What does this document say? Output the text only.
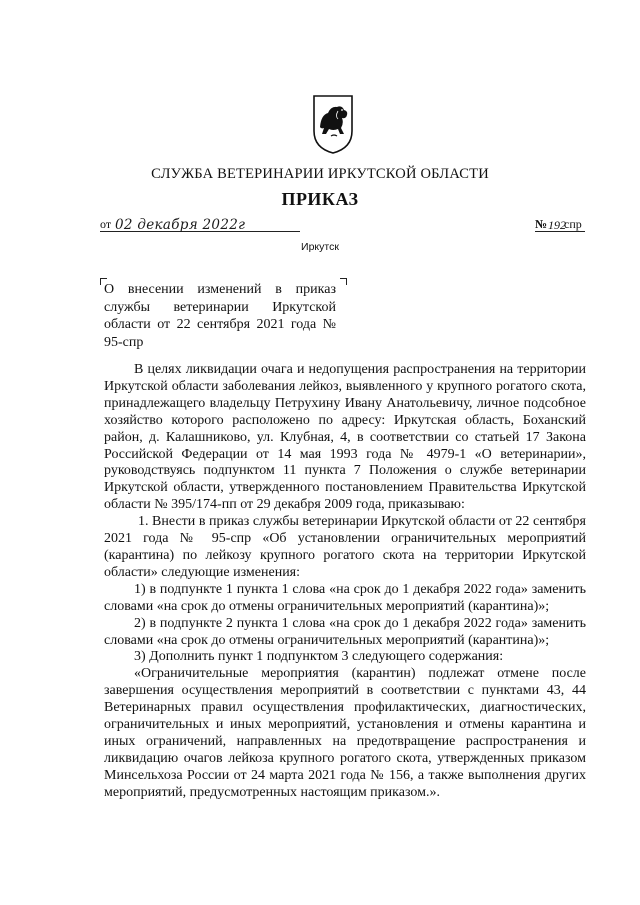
СЛУЖБА ВЕТЕРИНАРИИ ИРКУТСКОЙ ОБЛАСТИ
ПРИКАЗ
от 02 декабря 2022г	№ 192
спр
Иркутск
О внесении изменений в приказ службы ветеринарии Иркутской области от 22 сентября 2021 года № 95-спр

В целях ликвидации очага и недопущения распространения на территории Иркутской области заболевания лейкоз, выявленного у крупного рогатого скота, принадлежащего владельцу Петрухину Ивану Анатольевичу, личное подсобное хозяйство которого расположено по адресу: Иркутская область, Боханский район, д. Калашниково, ул. Клубная, 4, в соответствии со статьей 17 Закона Российской Федерации от 14 мая 1993 года № 4979-1 «О ветеринарии», руководствуясь подпунктом 11 пункта 7 Положения о службе ветеринарии Иркутской области, утвержденного постановлением Правительства Иркутской области № 395/174-пп от 29 декабря 2009 года, приказываю:

1. Внести в приказ службы ветеринарии Иркутской области от 22 сентября 2021 года № 95-спр «Об установлении ограничительных мероприятий (карантина) по лейкозу крупного рогатого скота на территории Иркутской области» следующие изменения:

1) в подпункте 1 пункта 1 слова «на срок до 1 декабря 2022 года» заменить словами «на срок до отмены ограничительных мероприятий (карантина)»;

2) в подпункте 2 пункта 1 слова «на срок до 1 декабря 2022 года» заменить словами «на срок до отмены ограничительных мероприятий (карантина)»;

3) Дополнить пункт 1 подпунктом 3 следующего содержания:

«Ограничительные мероприятия (карантин) подлежат отмене после завершения осуществления мероприятий в соответствии с пунктами 43, 44 Ветеринарных правил осуществления профилактических, диагностических, ограничительных и иных мероприятий, установления и отмены карантина и иных ограничений, направленных на предотвращение распространения и ликвидацию очагов лейкоза крупного рогатого скота, утвержденных приказом Минсельхоза России от 24 марта 2021 года № 156, а также выполнения других мероприятий, предусмотренных настоящим приказом.».
